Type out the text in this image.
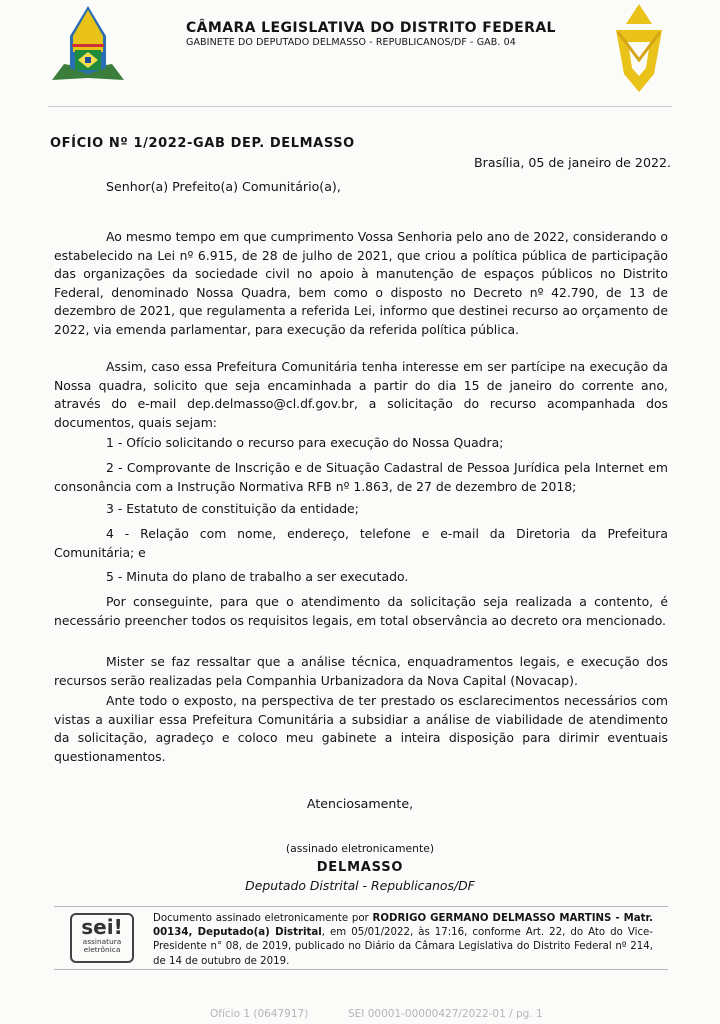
CÂMARA LEGISLATIVA DO DISTRITO FEDERAL
GABINETE DO DEPUTADO DELMASSO - REPUBLICANOS/DF - GAB. 04
OFÍCIO Nº 1/2022-GAB DEP. DELMASSO
Brasília, 05 de janeiro de 2022.
Senhor(a) Prefeito(a) Comunitário(a),

Ao mesmo tempo em que cumprimento Vossa Senhoria pelo ano de 2022, considerando o estabelecido na Lei nº 6.915, de 28 de julho de 2021, que criou a política pública de participação das organizações da sociedade civil no apoio à manutenção de espaços públicos no Distrito Federal, denominado Nossa Quadra, bem como o disposto no Decreto nº 42.790, de 13 de dezembro de 2021, que regulamenta a referida Lei, informo que destinei recurso ao orçamento de 2022, via emenda parlamentar, para execução da referida política pública.

Assim, caso essa Prefeitura Comunitária tenha interesse em ser partícipe na execução da Nossa quadra, solicito que seja encaminhada a partir do dia 15 de janeiro do corrente ano, através do e-mail dep.delmasso@cl.df.gov.br, a solicitação do recurso acompanhada dos documentos, quais sejam:

1 - Ofício solicitando o recurso para execução do Nossa Quadra;

2 - Comprovante de Inscrição e de Situação Cadastral de Pessoa Jurídica pela Internet em consonância com a Instrução Normativa RFB nº 1.863, de 27 de dezembro de 2018;

3 - Estatuto de constituição da entidade;

4 - Relação com nome, endereço, telefone e e-mail da Diretoria da Prefeitura Comunitária; e

5 - Minuta do plano de trabalho a ser executado.

Por conseguinte, para que o atendimento da solicitação seja realizada a contento, é necessário preencher todos os requisitos legais, em total observância ao decreto ora mencionado.

Mister se faz ressaltar que a análise técnica, enquadramentos legais, e execução dos recursos serão realizadas pela Companhia Urbanizadora da Nova Capital (Novacap).

Ante todo o exposto, na perspectiva de ter prestado os esclarecimentos necessários com vistas a auxiliar essa Prefeitura Comunitária a subsidiar a análise de viabilidade de atendimento da solicitação, agradeço e coloco meu gabinete a inteira disposição para dirimir eventuais questionamentos.

Atenciosamente,
(assinado eletronicamente)
DELMASSO
Deputado Distrital - Republicanos/DF
sei!
assinatura
eletrônica
Documento assinado eletronicamente por RODRIGO GERMANO DELMASSO MARTINS - Matr. 00134, Deputado(a) Distrital, em 05/01/2022, às 17:16, conforme Art. 22, do Ato do Vice-Presidente n° 08, de 2019, publicado no Diário da Câmara Legislativa do Distrito Federal nº 214, de 14 de outubro de 2019.
Ofício 1 (0647917)	SEI 00001-00000427/2022-01 / pg. 1
